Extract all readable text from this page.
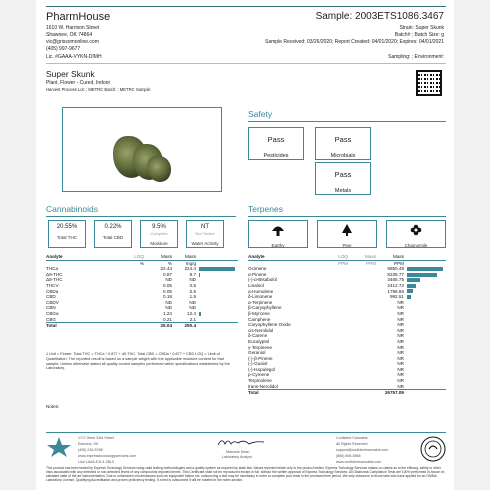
PharmHouse
1610 W. Harrison Street
Shawnee, OK 74864
vic@grissomonline.com
(405) 997-9677
Lic. #GAAA-VYKN-DIMH
Sample: 2003ETS1086.3467
Strain: Super Skunk
Batch# ; Batch Size: g
Sample Received: 03/26/2020; Report Created: 04/01/2020; Expires: 04/01/2021
Sampling: ; Environment:
Super Skunk
Plant, Flower - Cured, Indoor
Harvest Process Lot: ; METRC Batch: ; METRC Sample:
Safety
Pass
Pesticides
Pass
Microbials
Pass
Metals
Cannabinoids
20.55%
Total THC
0.22%
Total CBD
9.5%
Complete
Moisture
NT
Not Tested
Water Activity
Analyte	LOQ	Mass	Mass	
	%	%	mg/g	
THCa		22.44	224.4	
Δ9-THC		0.87	8.7	
Δ8-THC		ND	ND	
THCV		0.05	0.5	
CBDa		0.05	0.5	
CBD		0.18	1.8	
CBDV		ND	ND	
CBN		ND	ND	
CBGa		1.24	12.4	
CBG		0.21	2.1	
Total		25.04	250.4	
1 Unit = Flower. Total THC = THCa * 0.877 + d9-THC. Total CBD = CBDa * 0.877 + CBD LOQ = Limit of Quantitation; The reported result is based on a sample weight with the applicable moisture content for that sample; Unless otherwise stated all quality control samples performed within specifications established by the Laboratory.
Notes:
Terpenes
Earthy	Pine	Chamomile
Analyte	LOQ	Mass	Mass	
	PPM	PPM	PPM	
Ocimene			9850.48	
α-Pinene			8236.77	
(-)-α-Bisabolol			3465.75	
Linalool			2412.72	
α-Humulene			1798.86	
δ-Limonene			992.51	
α-Terpinene			NR	
β-Caryophyllene			NR	
β-Myrcene			NR	
Camphene			NR	
Caryophyllene Oxide			NR	
cis-Nerolidol			NR	
δ-Carene			NR	
Eucalyptol			NR	
γ-Terpinene			NR	
Geraniol			NR	
(-)-β-Pinene			NR	
(-)-Guaiol			NR	
(-)-Isopulegol			NR	
p-Cymene			NR	
Terpinolene			NR	
trans-Nerolidol			NR	
Total			26757.09	
1717 West 33rd Street
Edmond, OK
(405) 216-5788
www.expresstoxicologyservices.com
Lic# LAAA-E1L4-2BL0
Manuele Dean
Laboratory Analyst
Confident Cannabis
All Rights Reserved
support@confidentcannabis.com
(866) 506-5866
www.confidentcannabis.com
This product has been tested by Express Toxicology Services using valid testing methodologies and a quality system as required by state law. Values reported relate only to the product tested. Express Toxicology Services makes no claims as to the efficacy, safety or other risks associated with any detected or non-detected levels of any compounds reported herein. This Certificate shall not be reproduced except in full, without the written approval of Express Toxicology Services. All Oklahoma Compliance Tests are 100% performed in-house on validated state of the art instrumentation. Due to unforeseen circumstances such as equipment failure etc. outsourcing a test may be necessary in order to complete your tests in the promised time period. We only outsource to those labs who have applied for an OMMA Laboratory License, Qualifying Accreditation and proven proficiency testing. If a test is outsourced it will be notated in the notes section.
